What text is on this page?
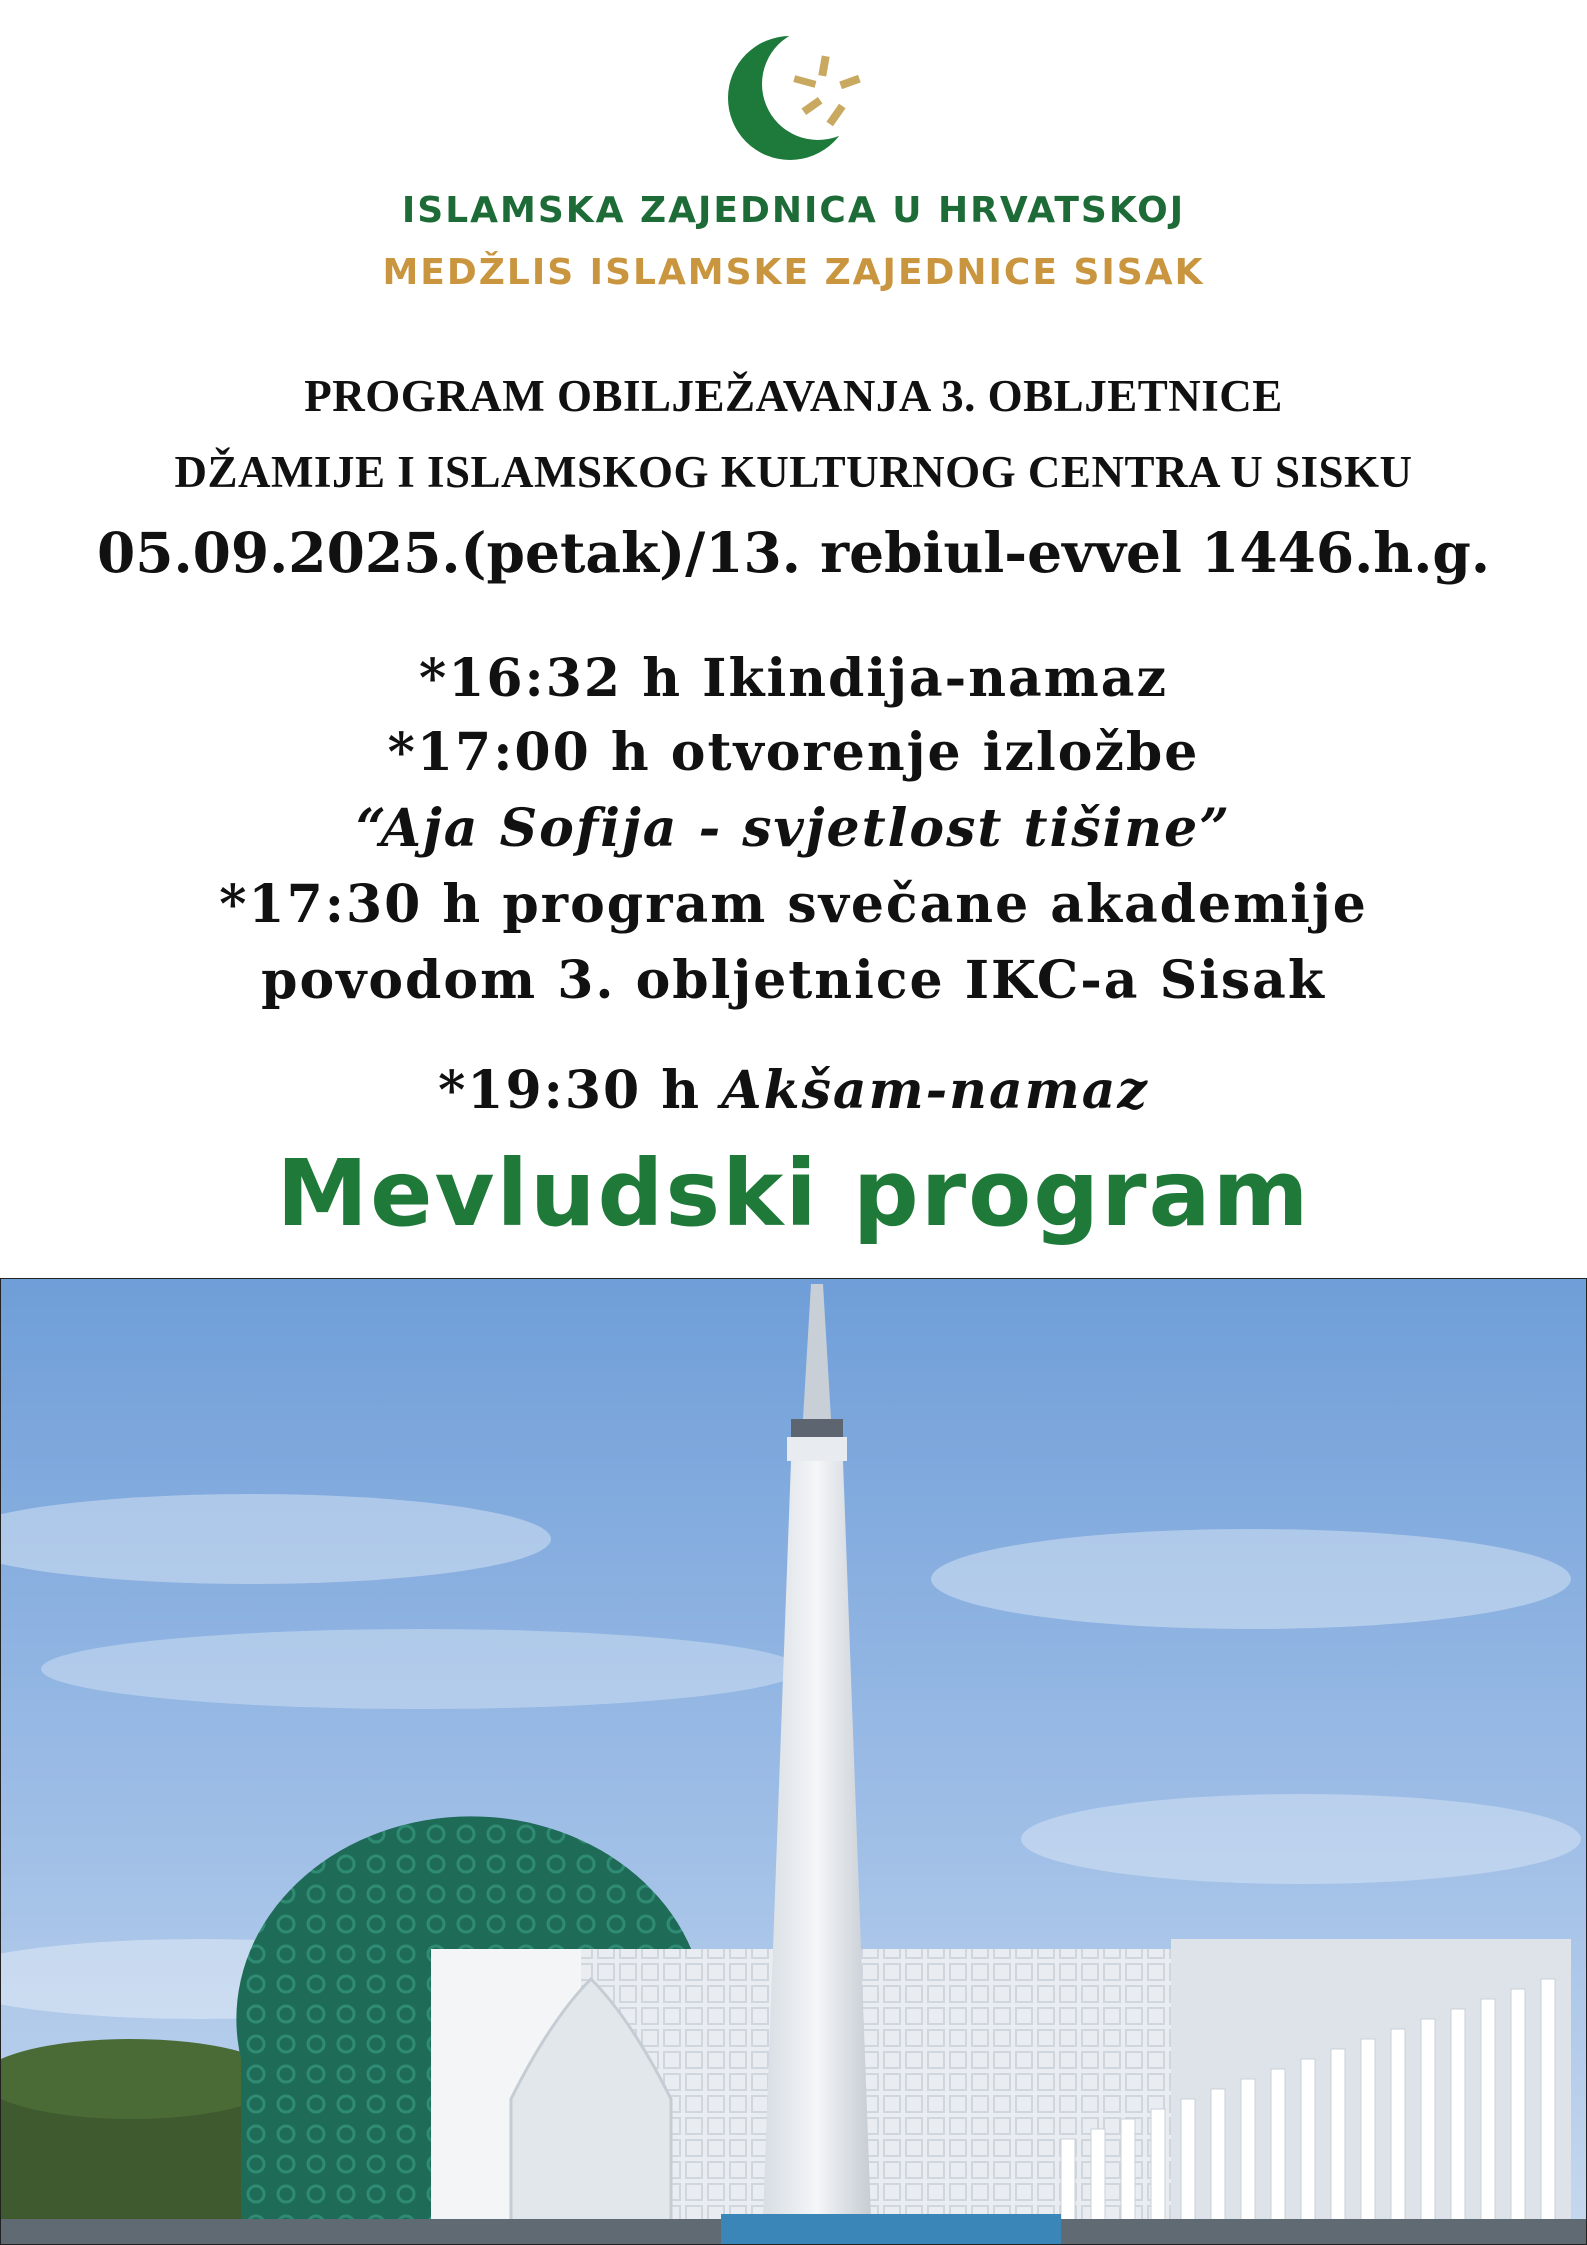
ISLAMSKA ZAJEDNICA U HRVATSKOJ
MEDŽLIS ISLAMSKE ZAJEDNICE SISAK
PROGRAM OBILJEŽAVANJA 3. OBLJETNICE
DŽAMIJE I ISLAMSKOG KULTURNOG CENTRA U SISKU
05.09.2025.(petak)/13. rebiul-evvel 1446.h.g.
*16:32 h Ikindija-namaz
*17:00 h otvorenje izložbe
“Aja Sofija - svjetlost tišine”
*17:30 h program svečane akademije
povodom 3. obljetnice IKC-a Sisak
*19:30 h Akšam-namaz
Mevludski program
